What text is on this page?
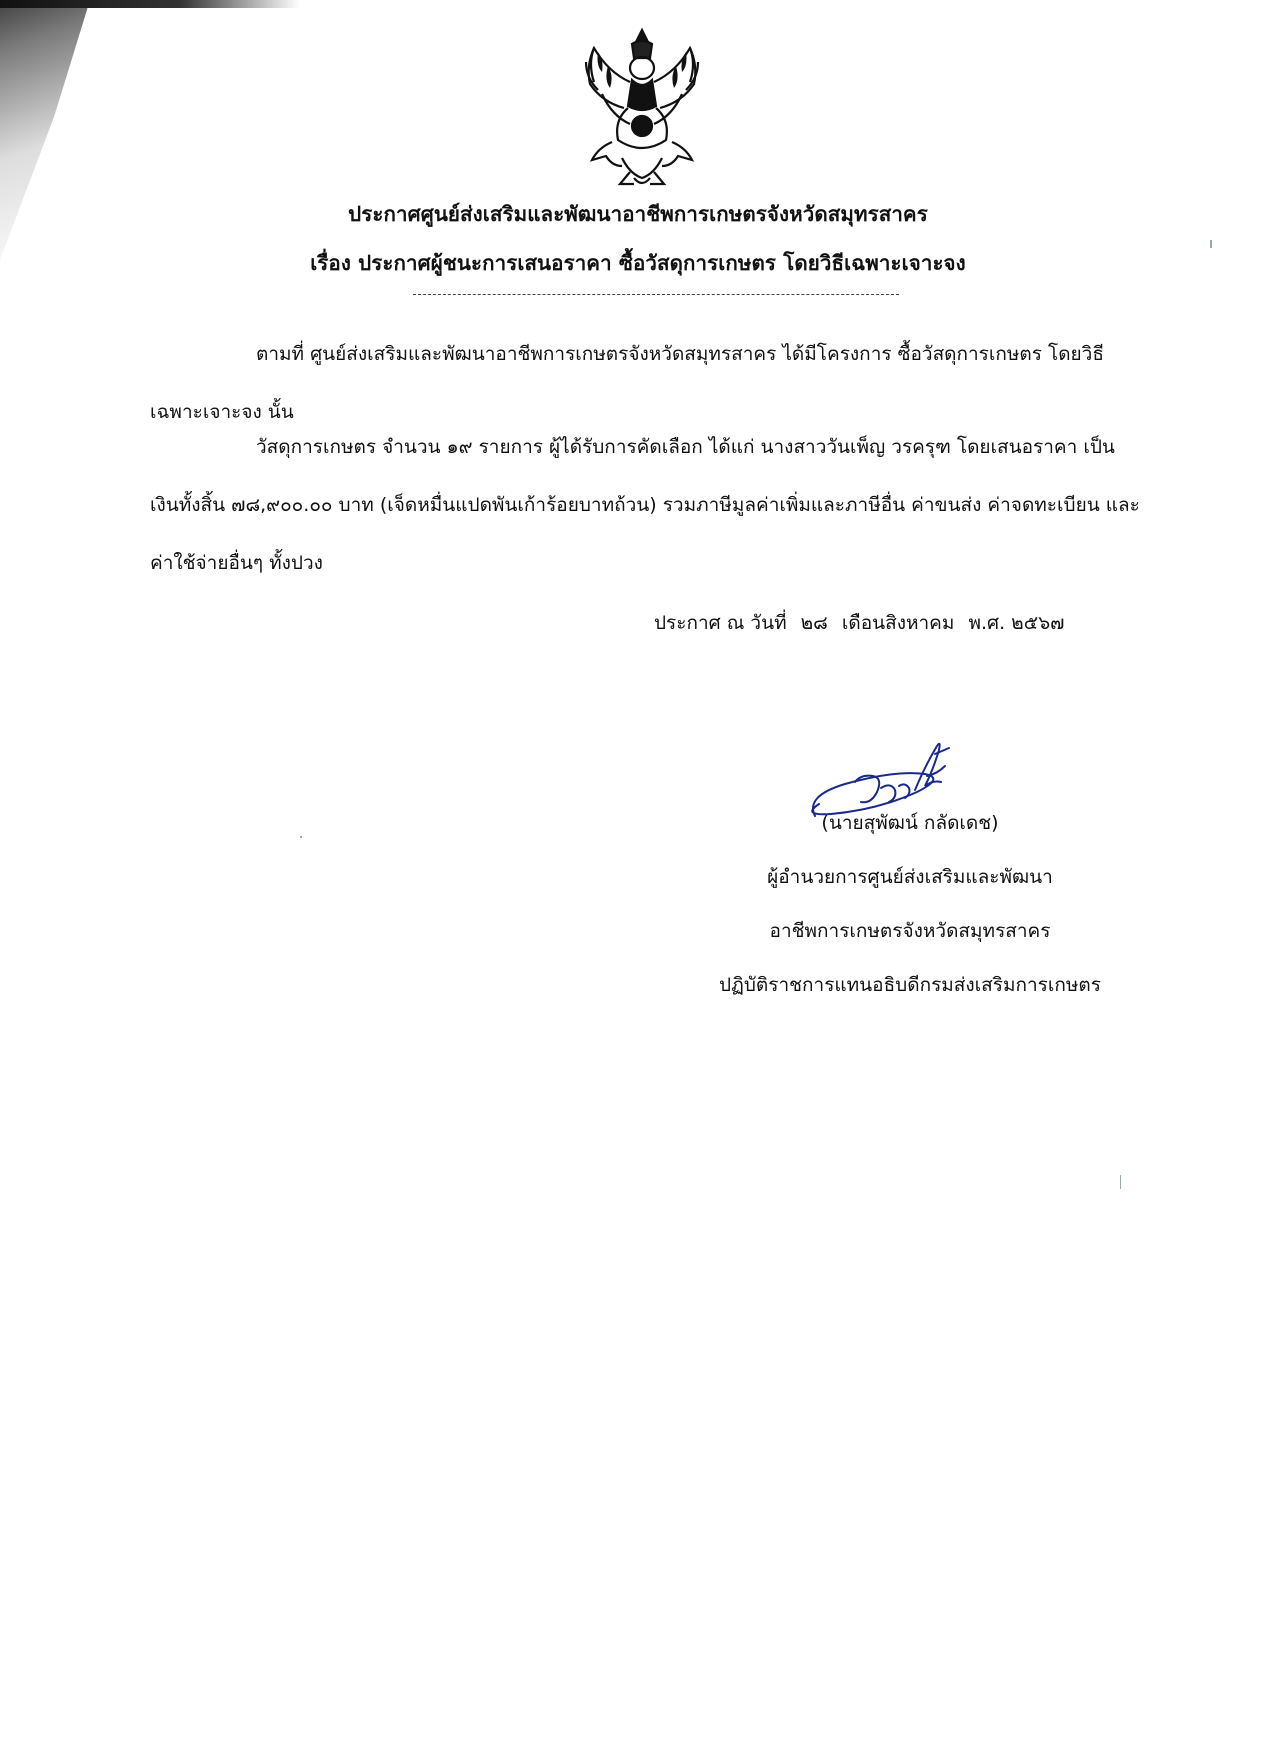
ประกาศศูนย์ส่งเสริมและพัฒนาอาชีพการเกษตรจังหวัดสมุทรสาคร
เรื่อง ประกาศผู้ชนะการเสนอราคา ซื้อวัสดุการเกษตร โดยวิธีเฉพาะเจาะจง

ตามที่ ศูนย์ส่งเสริมและพัฒนาอาชีพการเกษตรจังหวัดสมุทรสาคร ได้มีโครงการ ซื้อวัสดุการเกษตร โดยวิธีเฉพาะเจาะจง นั้น

วัสดุการเกษตร จำนวน ๑๙ รายการ ผู้ได้รับการคัดเลือก ได้แก่ นางสาววันเพ็ญ วรครุฑ โดยเสนอราคา เป็นเงินทั้งสิ้น ๗๘,๙๐๐.๐๐ บาท (เจ็ดหมื่นแปดพันเก้าร้อยบาทถ้วน) รวมภาษีมูลค่าเพิ่มและภาษีอื่น ค่าขนส่ง ค่าจดทะเบียน และค่าใช้จ่ายอื่นๆ ทั้งปวง

ประกาศ ณ วันที่ ๒๘ เดือนสิงหาคม พ.ศ. ๒๕๖๗
(นายสุพัฒน์ กลัดเดช)
ผู้อำนวยการศูนย์ส่งเสริมและพัฒนา
อาชีพการเกษตรจังหวัดสมุทรสาคร
ปฏิบัติราชการแทนอธิบดีกรมส่งเสริมการเกษตร
